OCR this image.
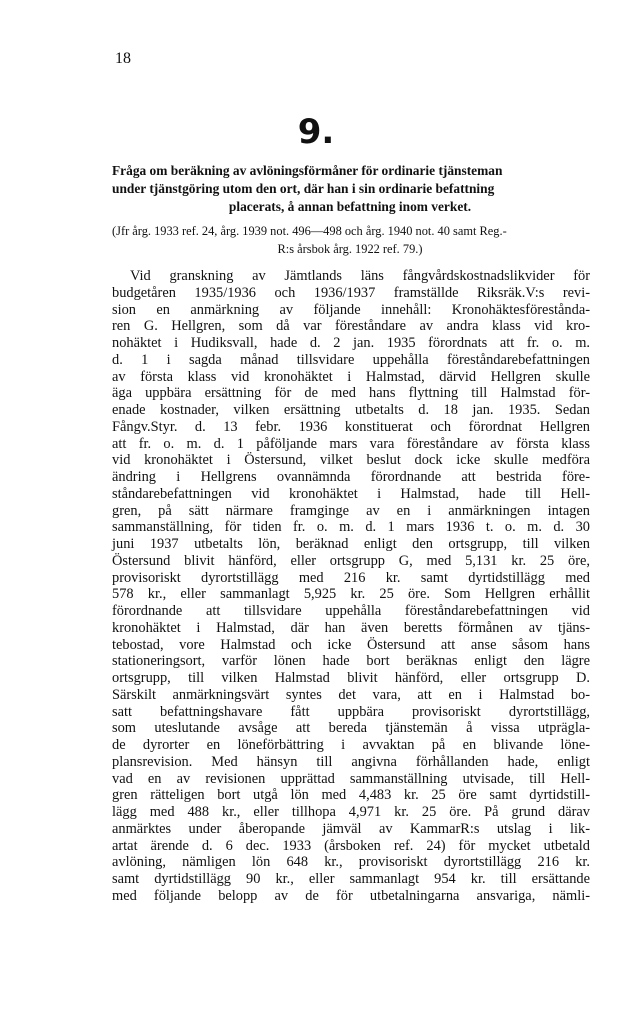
18
9.
Fråga om beräkning av avlöningsförmåner för ordinarie tjänsteman
under tjänstgöring utom den ort, där han i sin ordinarie befattning
placerats, å annan befattning inom verket.
(Jfr årg. 1933 ref. 24, årg. 1939 not. 496—498 och årg. 1940 not. 40 samt Reg.-
R:s årsbok årg. 1922 ref. 79.)
Vid granskning av Jämtlands läns fångvårdskostnadslikvider för
budgetåren 1935/1936 och 1936/1937 framställde Riksräk.V:s revi-
sion en anmärkning av följande innehåll: Kronohäktesförestånda-
ren G. Hellgren, som då var föreståndare av andra klass vid kro-
nohäktet i Hudiksvall, hade d. 2 jan. 1935 förordnats att fr. o. m.
d. 1 i sagda månad tillsvidare uppehålla föreståndarebefattningen
av första klass vid kronohäktet i Halmstad, därvid Hellgren skulle
äga uppbära ersättning för de med hans flyttning till Halmstad för-
enade kostnader, vilken ersättning utbetalts d. 18 jan. 1935. Sedan
Fångv.Styr. d. 13 febr. 1936 konstituerat och förordnat Hellgren
att fr. o. m. d. 1 påföljande mars vara föreståndare av första klass
vid kronohäktet i Östersund, vilket beslut dock icke skulle medföra
ändring i Hellgrens ovannämnda förordnande att bestrida före-
ståndarebefattningen vid kronohäktet i Halmstad, hade till Hell-
gren, på sätt närmare framginge av en i anmärkningen intagen
sammanställning, för tiden fr. o. m. d. 1 mars 1936 t. o. m. d. 30
juni 1937 utbetalts lön, beräknad enligt den ortsgrupp, till vilken
Östersund blivit hänförd, eller ortsgrupp G, med 5,131 kr. 25 öre,
provisoriskt dyrortstillägg med 216 kr. samt dyrtidstillägg med
578 kr., eller sammanlagt 5,925 kr. 25 öre. Som Hellgren erhållit
förordnande att tillsvidare uppehålla föreståndarebefattningen vid
kronohäktet i Halmstad, där han även beretts förmånen av tjäns-
tebostad, vore Halmstad och icke Östersund att anse såsom hans
stationeringsort, varför lönen hade bort beräknas enligt den lägre
ortsgrupp, till vilken Halmstad blivit hänförd, eller ortsgrupp D.
Särskilt anmärkningsvärt syntes det vara, att en i Halmstad bo-
satt befattningshavare fått uppbära provisoriskt dyrortstillägg,
som uteslutande avsåge att bereda tjänstemän å vissa utpräglа-
de dyrorter en löneförbättring i avvaktan på en blivande löne-
plansrevision. Med hänsyn till angivna förhållanden hade, enligt
vad en av revisionen upprättad sammanställning utvisade, till Hell-
gren rätteligen bort utgå lön med 4,483 kr. 25 öre samt dyrtidstill-
lägg med 488 kr., eller tillhopa 4,971 kr. 25 öre. På grund därav
anmärktes under åberopande jämväl av KammarR:s utslag i lik-
artat ärende d. 6 dec. 1933 (årsboken ref. 24) för mycket utbetald
avlöning, nämligen lön 648 kr., provisoriskt dyrortstillägg 216 kr.
samt dyrtidstillägg 90 kr., eller sammanlagt 954 kr. till ersättande
med följande belopp av de för utbetalningarna ansvariga, nämli-
